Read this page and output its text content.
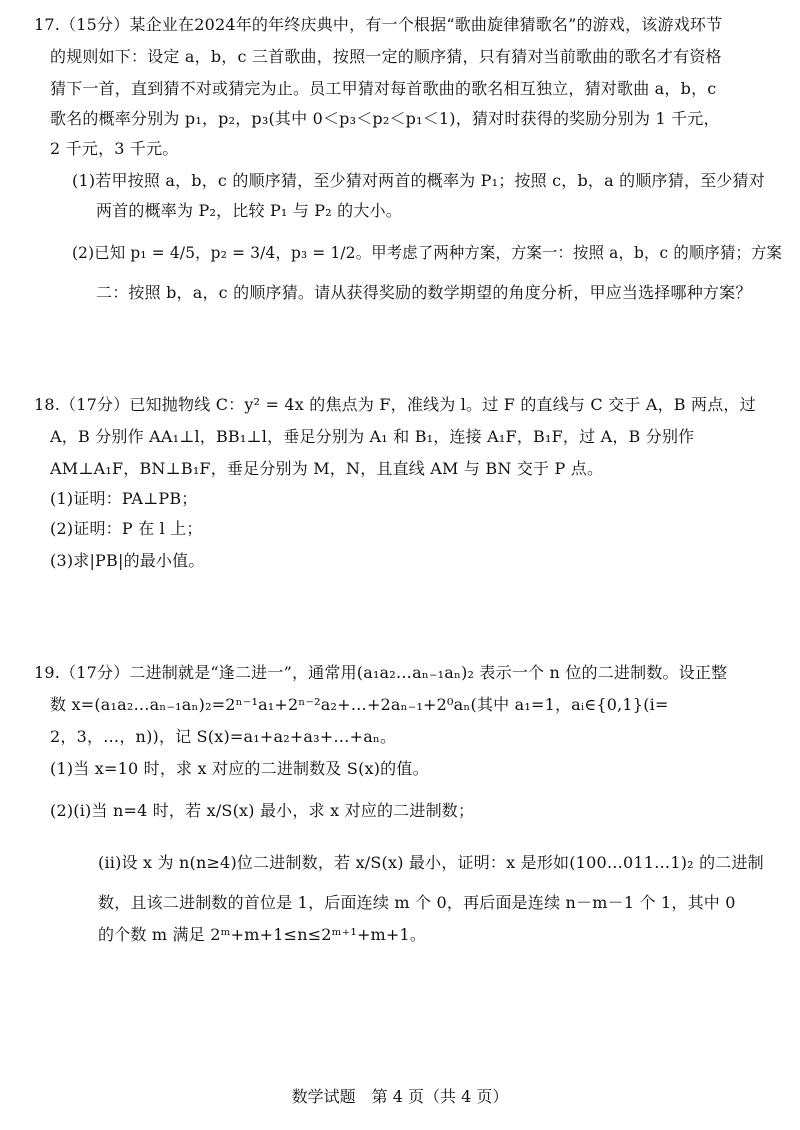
17.（15分）某企业在2024年的年终庆典中，有一个根据“歌曲旋律猜歌名”的游戏，该游戏环节
的规则如下：设定 a，b，c 三首歌曲，按照一定的顺序猜，只有猜对当前歌曲的歌名才有资格
猜下一首，直到猜不对或猜完为止。员工甲猜对每首歌曲的歌名相互独立，猜对歌曲 a，b，c
歌名的概率分别为 p₁，p₂，p₃(其中 0＜p₃＜p₂＜p₁＜1)，猜对时获得的奖励分别为 1 千元，
2 千元，3 千元。
(1)若甲按照 a，b，c 的顺序猜，至少猜对两首的概率为 P₁；按照 c，b，a 的顺序猜，至少猜对
两首的概率为 P₂，比较 P₁ 与 P₂ 的大小。
(2)已知 p₁ = 4/5，p₂ = 3/4，p₃ = 1/2。甲考虑了两种方案，方案一：按照 a，b，c 的顺序猜；方案
二：按照 b，a，c 的顺序猜。请从获得奖励的数学期望的角度分析，甲应当选择哪种方案？
18.（17分）已知抛物线 C：y² = 4x 的焦点为 F，准线为 l。过 F 的直线与 C 交于 A，B 两点，过
A，B 分别作 AA₁⊥l，BB₁⊥l，垂足分别为 A₁ 和 B₁，连接 A₁F，B₁F，过 A，B 分别作
AM⊥A₁F，BN⊥B₁F，垂足分别为 M，N，且直线 AM 与 BN 交于 P 点。
(1)证明：PA⊥PB；
(2)证明：P 在 l 上；
(3)求|PB|的最小值。
19.（17分）二进制就是“逢二进一”，通常用(a₁a₂…aₙ₋₁aₙ)₂ 表示一个 n 位的二进制数。设正整
数 x=(a₁a₂…aₙ₋₁aₙ)₂=2ⁿ⁻¹a₁+2ⁿ⁻²a₂+…+2aₙ₋₁+2⁰aₙ(其中 a₁=1，aᵢ∈{0,1}(i=
2，3，…，n))，记 S(x)=a₁+a₂+a₃+…+aₙ。
(1)当 x=10 时，求 x 对应的二进制数及 S(x)的值。
(2)(i)当 n=4 时，若 x/S(x) 最小，求 x 对应的二进制数；
(ii)设 x 为 n(n≥4)位二进制数，若 x/S(x) 最小，证明：x 是形如(100…011…1)₂ 的二进制
数，且该二进制数的首位是 1，后面连续 m 个 0，再后面是连续 n－m－1 个 1，其中 0
的个数 m 满足 2ᵐ+m+1≤n≤2ᵐ⁺¹+m+1。
数学试题　第 4 页（共 4 页）
